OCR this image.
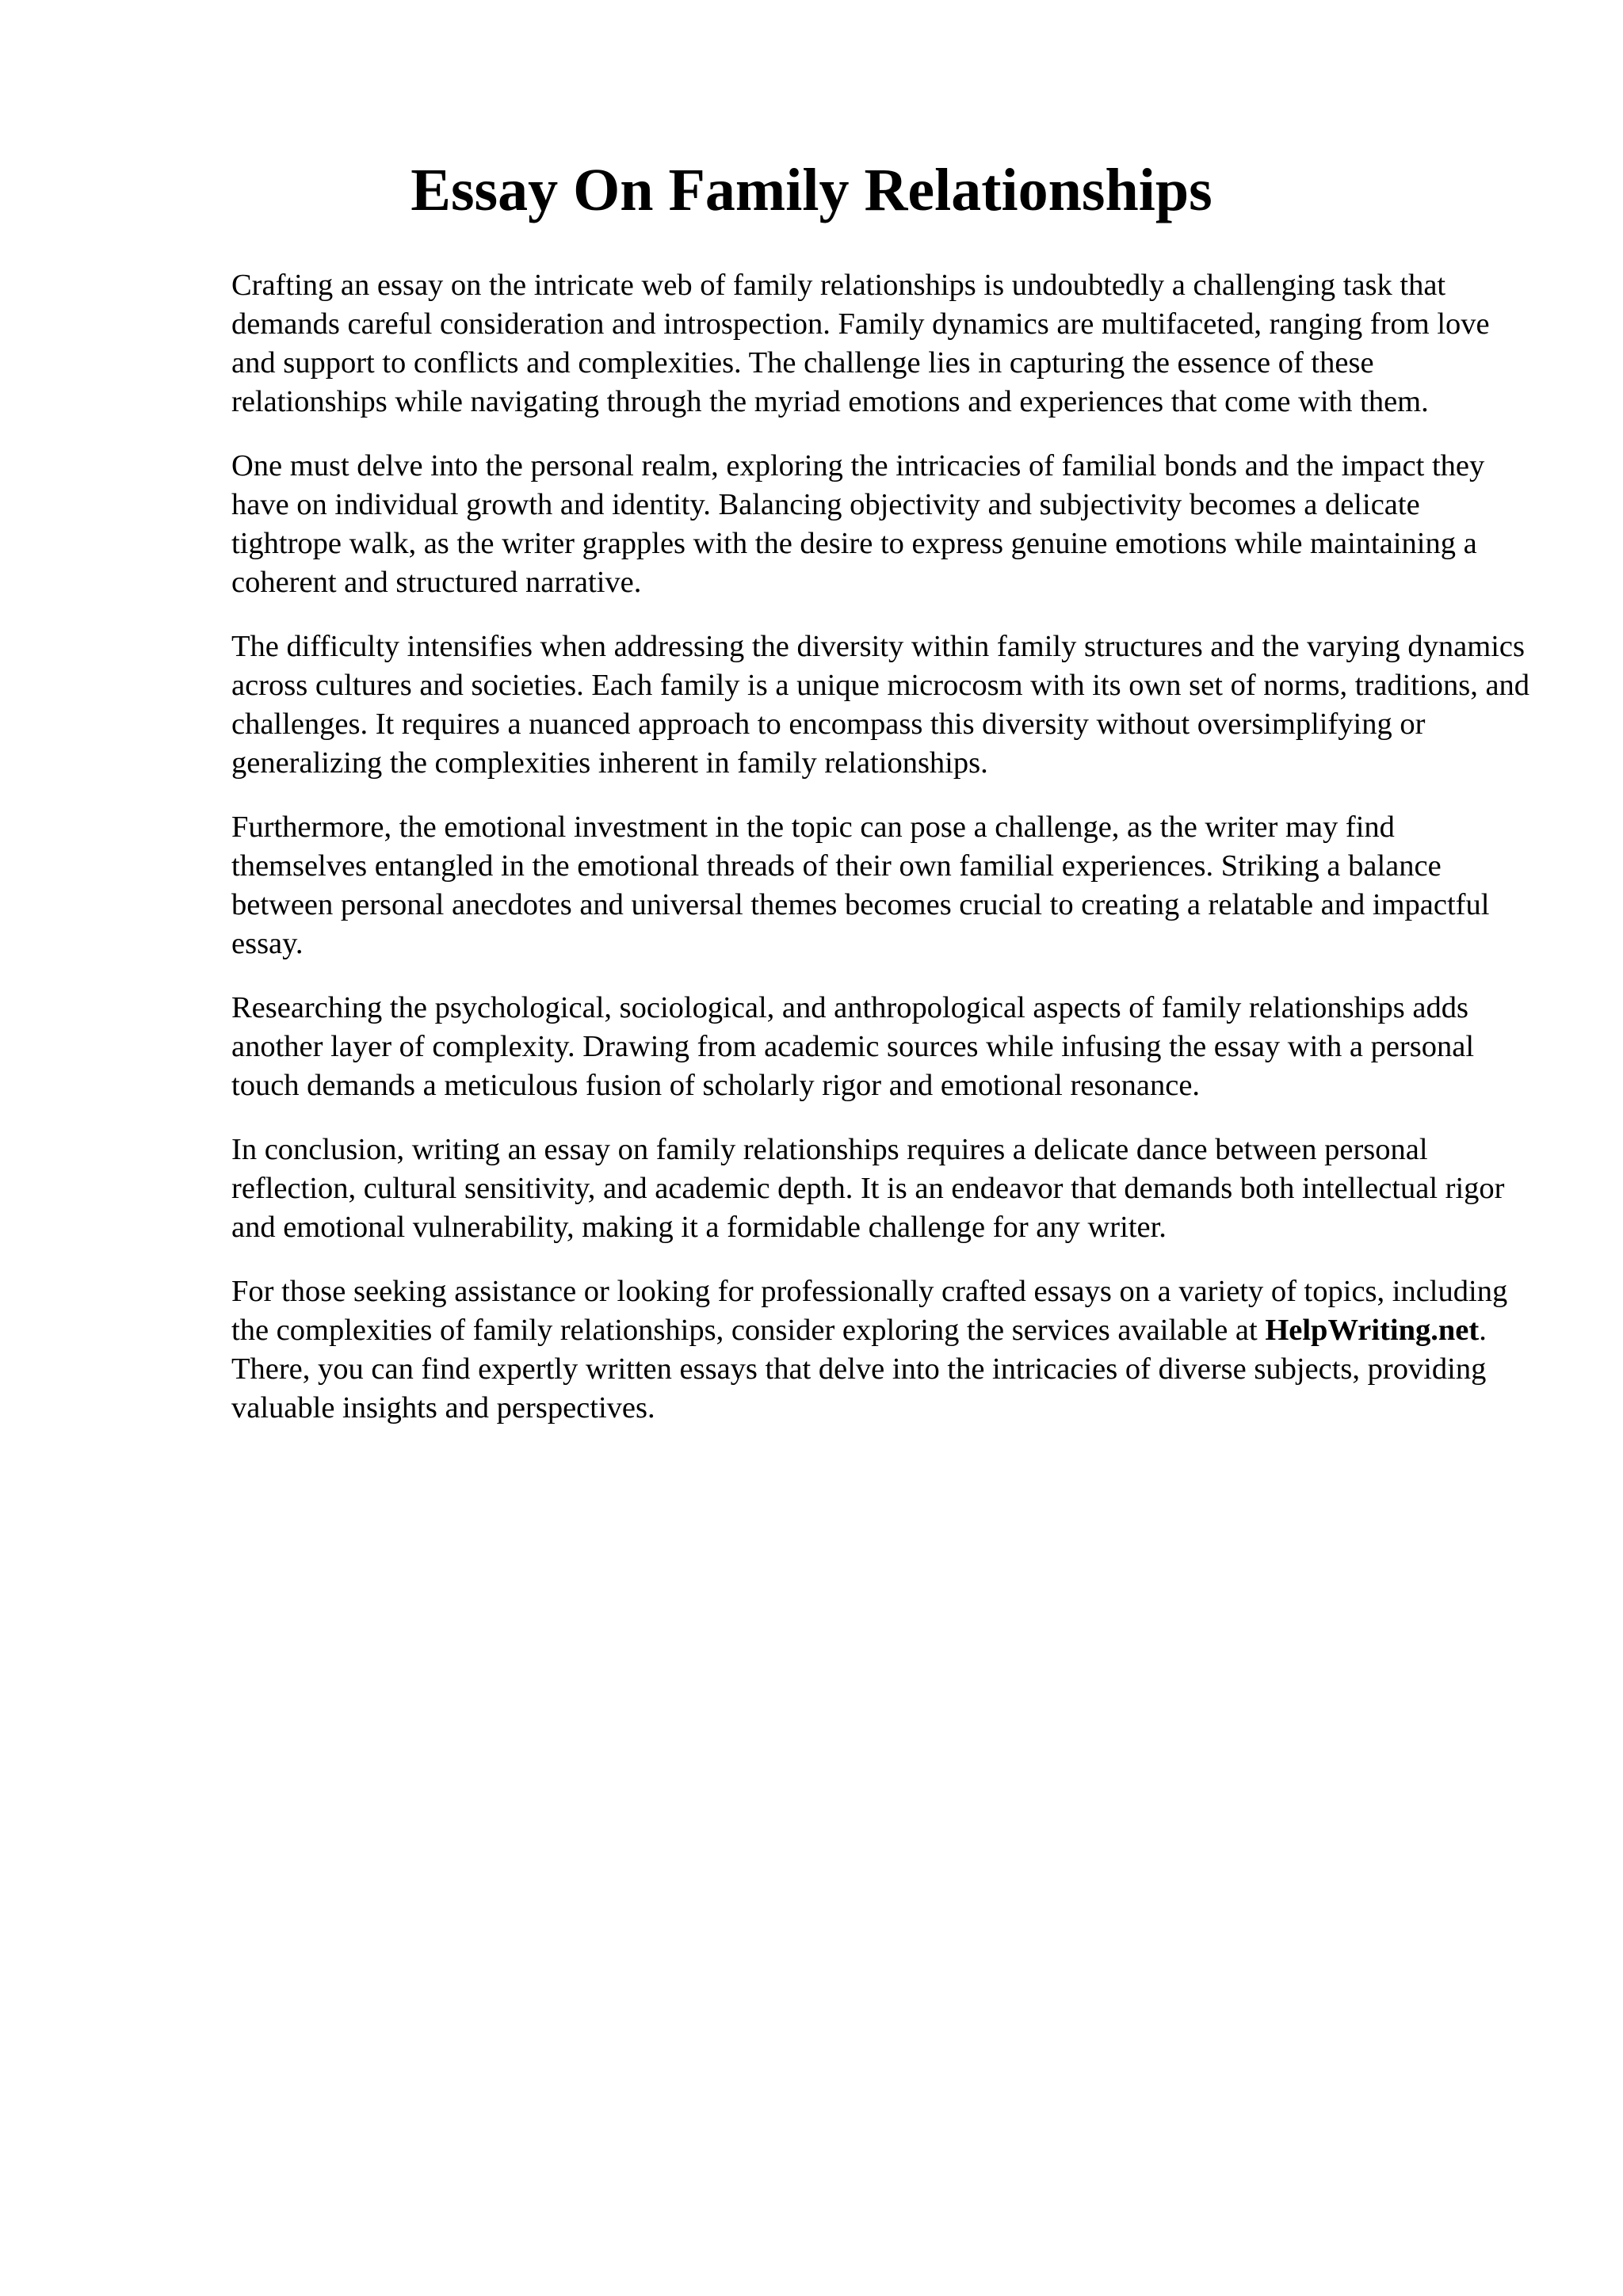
Essay On Family Relationships

Crafting an essay on the intricate web of family relationships is undoubtedly a challenging task that demands careful consideration and introspection. Family dynamics are multifaceted, ranging from love and support to conflicts and complexities. The challenge lies in capturing the essence of these relationships while navigating through the myriad emotions and experiences that come with them.

One must delve into the personal realm, exploring the intricacies of familial bonds and the impact they have on individual growth and identity. Balancing objectivity and subjectivity becomes a delicate tightrope walk, as the writer grapples with the desire to express genuine emotions while maintaining a coherent and structured narrative.

The difficulty intensifies when addressing the diversity within family structures and the varying dynamics across cultures and societies. Each family is a unique microcosm with its own set of norms, traditions, and challenges. It requires a nuanced approach to encompass this diversity without oversimplifying or generalizing the complexities inherent in family relationships.

Furthermore, the emotional investment in the topic can pose a challenge, as the writer may find themselves entangled in the emotional threads of their own familial experiences. Striking a balance between personal anecdotes and universal themes becomes crucial to creating a relatable and impactful essay.

Researching the psychological, sociological, and anthropological aspects of family relationships adds another layer of complexity. Drawing from academic sources while infusing the essay with a personal touch demands a meticulous fusion of scholarly rigor and emotional resonance.

In conclusion, writing an essay on family relationships requires a delicate dance between personal reflection, cultural sensitivity, and academic depth. It is an endeavor that demands both intellectual rigor and emotional vulnerability, making it a formidable challenge for any writer.

For those seeking assistance or looking for professionally crafted essays on a variety of topics, including the complexities of family relationships, consider exploring the services available at HelpWriting.net. There, you can find expertly written essays that delve into the intricacies of diverse subjects, providing valuable insights and perspectives.
